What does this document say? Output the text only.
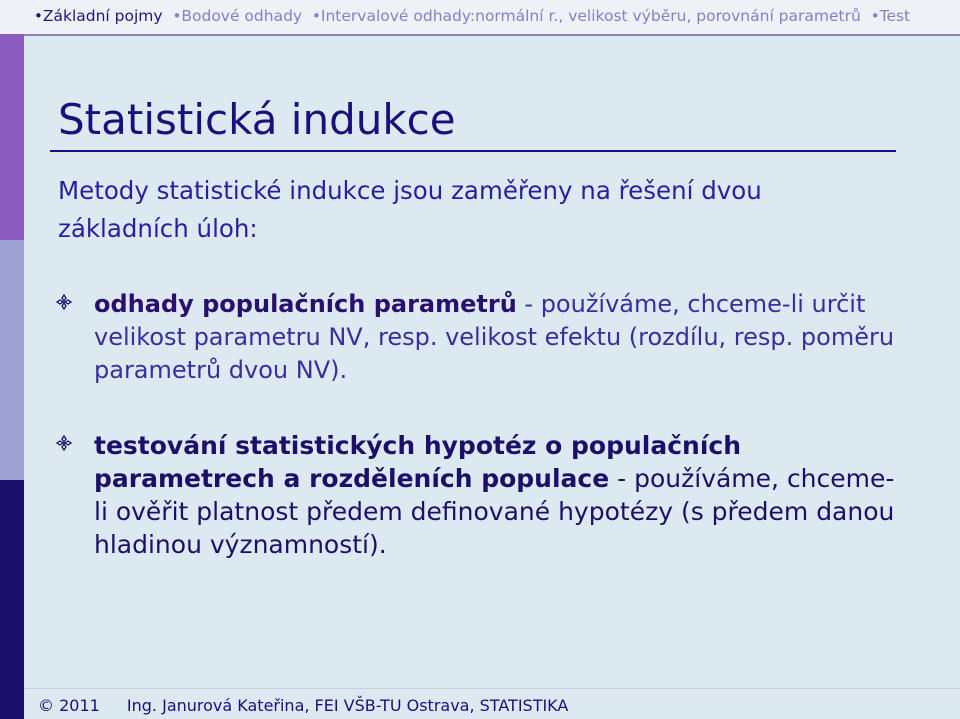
•Základní pojmy •Bodové odhady •Intervalové odhady:normální r., velikost výběru, porovnání parametrů •Test
Statistická indukce
Metody statistické indukce jsou zaměřeny na řešení dvou základních úloh:
odhady populačních parametrů - používáme, chceme-li určit velikost parametru NV, resp. velikost efektu (rozdílu, resp. poměru parametrů dvou NV).
testování statistických hypotéz o populačních parametrech a rozděleních populace - používáme, chceme-li ověřit platnost předem definované hypotézy (s předem danou hladinou významností).
© 2011 Ing. Janurová Kateřina, FEI VŠB-TU Ostrava, STATISTIKA
